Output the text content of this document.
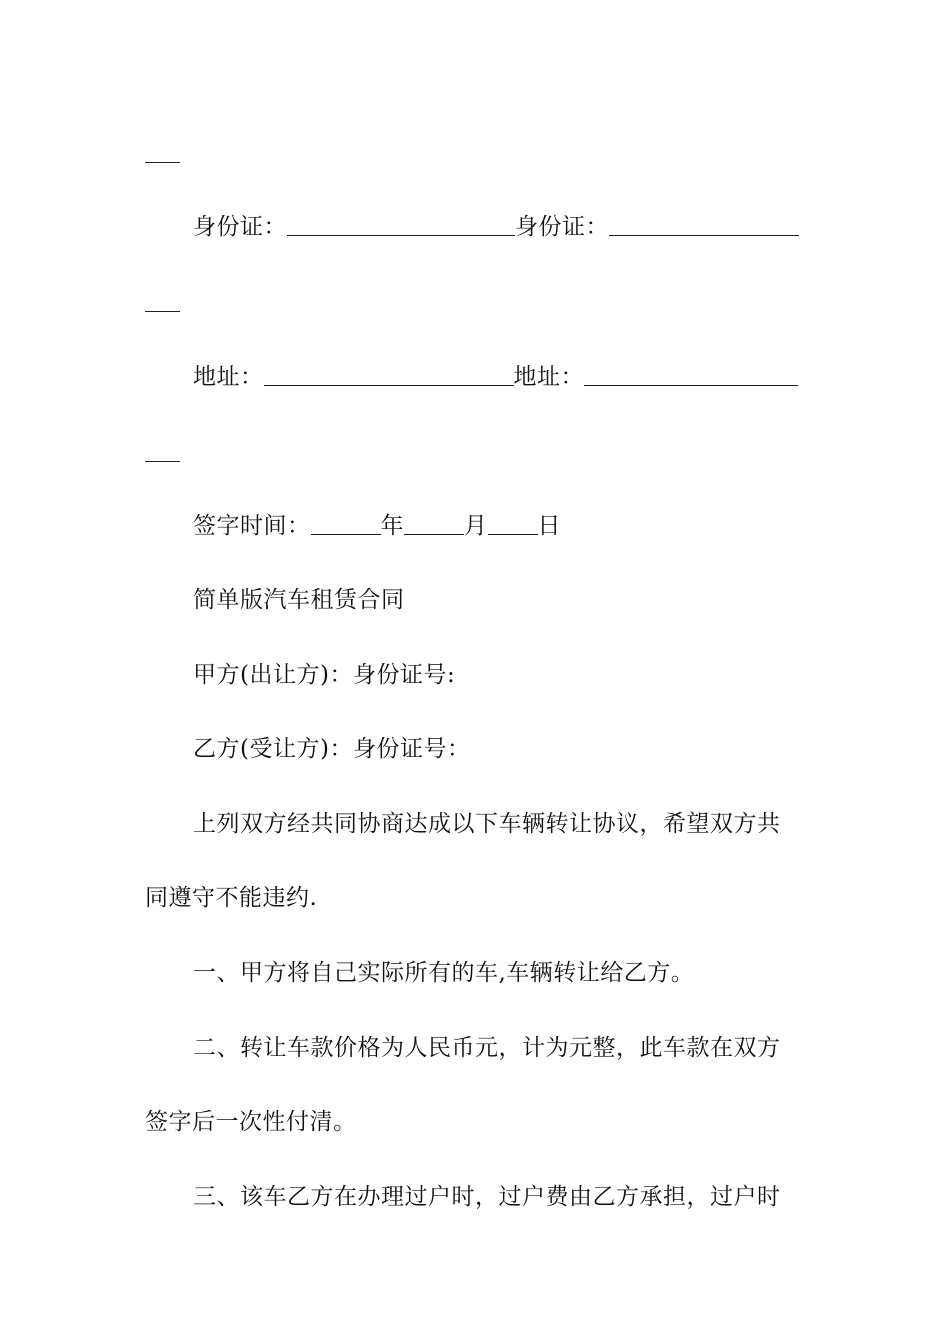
身份证：	身份证：
地址：	地址：
签字时间：	年	月 日
简单版汽车租赁合同
甲方(出让方)：身份证号:
乙方(受让方)：身份证号：
上列双方经共同协商达成以下车辆转让协议，希望双方共
同遵守不能违约.
一、甲方将自己实际所有的车,车辆转让给乙方。
二、转让车款价格为人民币元，计为元整，此车款在双方
签字后一次性付清。
三、该车乙方在办理过户时，过户费由乙方承担，过户时
